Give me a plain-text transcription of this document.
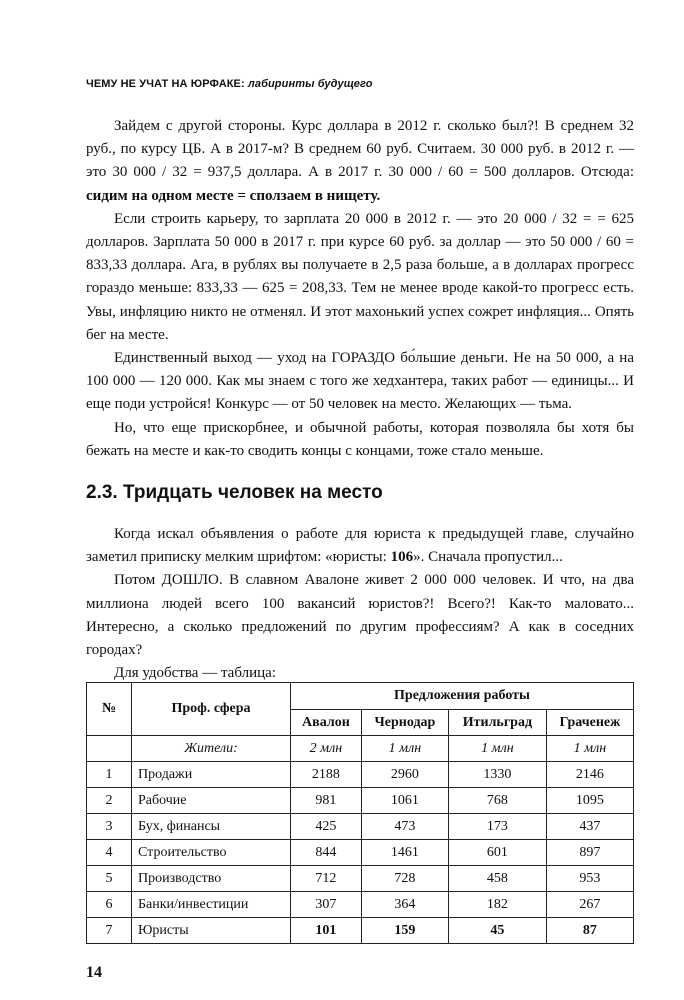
ЧЕМУ НЕ УЧАТ НА ЮРФАКЕ: лабиринты будущего

Зайдем с другой стороны. Курс доллара в 2012 г. сколько был?! В среднем 32 руб., по курсу ЦБ. А в 2017-м? В среднем 60 руб. Считаем. 30 000 руб. в 2012 г. — это 30 000 / 32 = 937,5 доллара. А в 2017 г. 30 000 / 60 = 500 долларов. Отсюда: сидим на одном месте = сползаем в нищету.

Если строить карьеру, то зарплата 20 000 в 2012 г. — это 20 000 / 32 = = 625 долларов. Зарплата 50 000 в 2017 г. при курсе 60 руб. за доллар — это 50 000 / 60 = 833,33 доллара. Ага, в рублях вы получаете в 2,5 раза больше, а в долларах прогресс гораздо меньше: 833,33 — 625 = 208,33. Тем не менее вроде какой-то прогресс есть. Увы, инфляцию никто не отменял. И этот махонький успех сожрет инфляция... Опять бег на месте.

Единственный выход — уход на ГОРАЗДО бо́льшие деньги. Не на 50 000, а на 100 000 — 120 000. Как мы знаем с того же хедхантера, таких работ — единицы... И еще поди устройся! Конкурс — от 50 человек на место. Желающих — тьма.

Но, что еще прискорбнее, и обычной работы, которая позволяла бы хотя бы бежать на месте и как-то сводить концы с концами, тоже стало меньше.

2.3. Тридцать человек на место

Когда искал объявления о работе для юриста к предыдущей главе, случайно заметил приписку мелким шрифтом: «юристы: 106». Сначала пропустил...

Потом ДОШЛО. В славном Авалоне живет 2 000 000 человек. И что, на два миллиона людей всего 100 вакансий юристов?! Всего?! Как-то маловато... Интересно, а сколько предложений по другим профессиям? А как в соседних городах?

Для удобства — таблица:

№	Проф. сфера	Предложения работы			
		Авалон	Чернодар	Итильград	Граченеж
	Жители:	2 млн	1 млн	1 млн	1 млн
1	Продажи	2188	2960	1330	2146
2	Рабочие	981	1061	768	1095
3	Бух, финансы	425	473	173	437
4	Строительство	844	1461	601	897
5	Производство	712	728	458	953
6	Банки/инвестиции	307	364	182	267
7	Юристы	101	159	45	87
14
